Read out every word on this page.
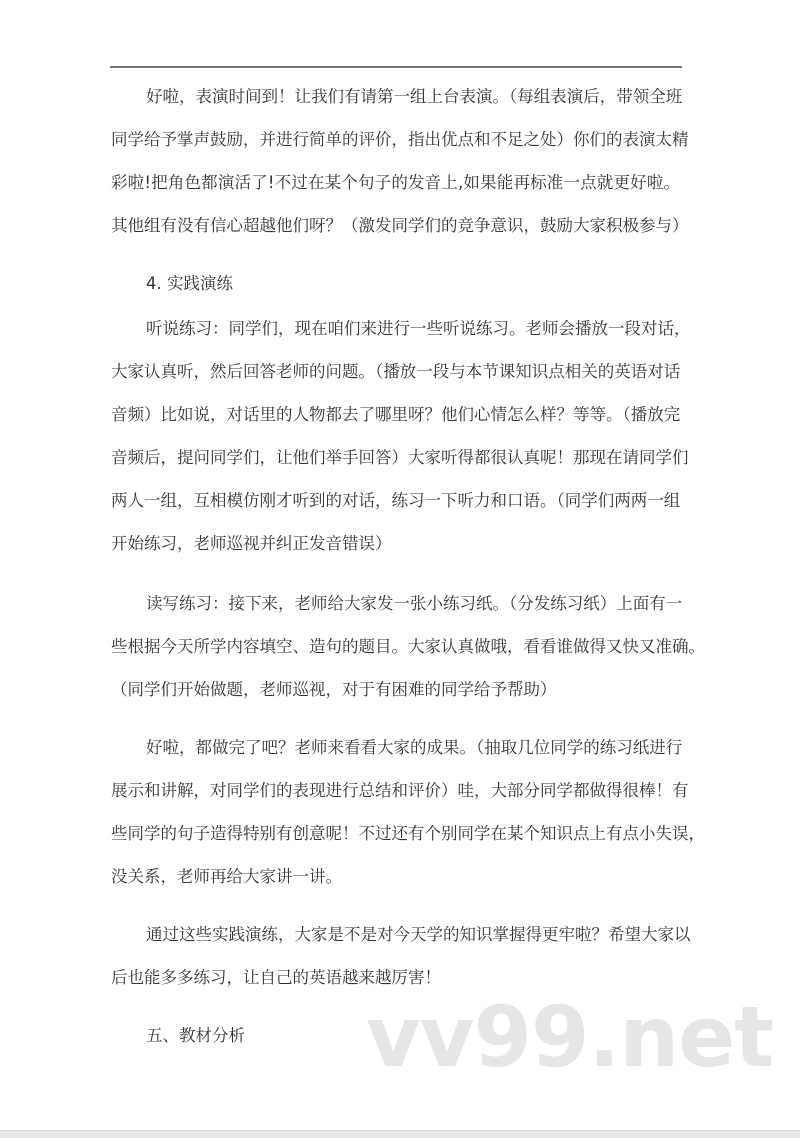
好啦，表演时间到！让我们有请第一组上台表演。（每组表演后，带领全班
同学给予掌声鼓励，并进行简单的评价，指出优点和不足之处）你们的表演太精
彩啦!把角色都演活了!不过在某个句子的发音上,如果能再标准一点就更好啦。
其他组有没有信心超越他们呀？（激发同学们的竞争意识，鼓励大家积极参与）
4. 实践演练
听说练习：同学们，现在咱们来进行一些听说练习。老师会播放一段对话，
大家认真听，然后回答老师的问题。（播放一段与本节课知识点相关的英语对话
音频）比如说，对话里的人物都去了哪里呀？他们心情怎么样？等等。（播放完
音频后，提问同学们，让他们举手回答）大家听得都很认真呢！那现在请同学们
两人一组，互相模仿刚才听到的对话，练习一下听力和口语。（同学们两两一组
开始练习，老师巡视并纠正发音错误）
读写练习：接下来，老师给大家发一张小练习纸。（分发练习纸）上面有一
些根据今天所学内容填空、造句的题目。大家认真做哦，看看谁做得又快又准确。
（同学们开始做题，老师巡视，对于有困难的同学给予帮助）
好啦，都做完了吧？老师来看看大家的成果。（抽取几位同学的练习纸进行
展示和讲解，对同学们的表现进行总结和评价）哇，大部分同学都做得很棒！有
些同学的句子造得特别有创意呢！不过还有个别同学在某个知识点上有点小失误，
没关系，老师再给大家讲一讲。
通过这些实践演练，大家是不是对今天学的知识掌握得更牢啦？希望大家以
后也能多多练习，让自己的英语越来越厉害！
五、教材分析	vv99.net
